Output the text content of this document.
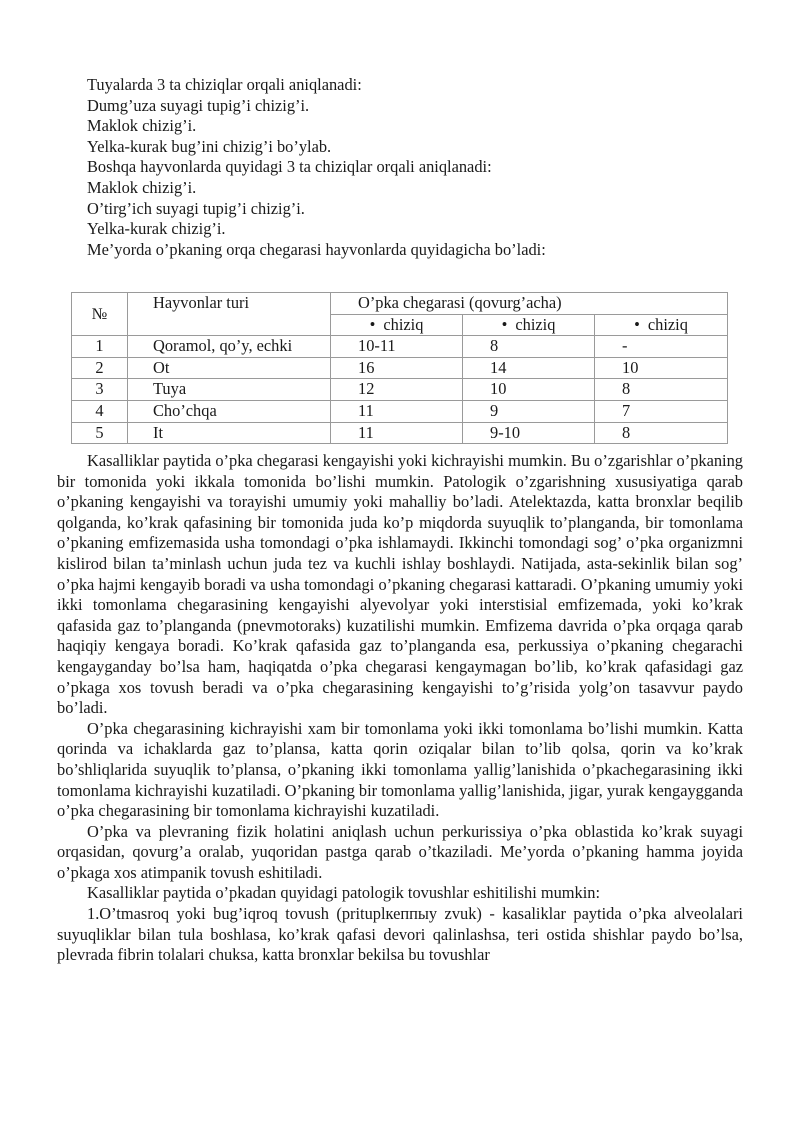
Tuyalarda 3 ta chiziqlar orqali aniqlanadi:

Dumg’uza suyagi tupig’i chizig’i.

Maklok chizig’i.

Yelka-kurak bug’ini chizig’i bo’ylab.

Boshqa hayvonlarda quyidagi 3 ta chiziqlar orqali aniqlanadi:

Maklok chizig’i.

O’tirg’ich suyagi tupig’i chizig’i.

Yelka-kurak chizig’i.

Me’yorda o’pkaning orqa chegarasi hayvonlarda quyidagicha bo’ladi:

№	Hayvonlar turi	O’pka chegarasi (qovurg’acha)		
		• chiziq	• chiziq	• chiziq
1	Qoramol, qo’y, echki	10-11	8	-
2	Ot	16	14	10
3	Tuya	12	10	8
4	Cho’chqa	11	9	7
5	It	11	9-10	8

Kasalliklar paytida o’pka chegarasi kengayishi yoki kichrayishi mumkin. Bu o’zgarishlar o’pkaning bir tomonida yoki ikkala tomonida bo’lishi mumkin. Patologik o’zgarishning xususiyatiga qarab o’pkaning kengayishi va torayishi umumiy yoki mahalliy bo’ladi. Atelektazda, katta bronxlar beqilib qolganda, ko’krak qafasining bir tomonida juda ko’p miqdorda suyuqlik to’planganda, bir tomonlama o’pkaning emfizemasida usha tomondagi o’pka ishlamaydi. Ikkinchi tomondagi sog’ o’pka organizmni kislirod bilan ta’minlash uchun juda tez va kuchli ishlay boshlaydi. Natijada, asta-sekinlik bilan sog’ o’pka hajmi kengayib boradi va usha tomondagi o’pkaning chegarasi kattaradi. O’pkaning umumiy yoki ikki tomonlama chegarasining kengayishi alyevolyar yoki interstisial emfizemada, yoki ko’krak qafasida gaz to’planganda (pnevmotoraks) kuzatilishi mumkin. Emfizema davrida o’pka orqaga qarab haqiqiy kengaya boradi. Ko’krak qafasida gaz to’planganda esa, perkussiya o’pkaning chegarachi kengayganday bo’lsa ham, haqiqatda o’pka chegarasi kengaymagan bo’lib, ko’krak qafasidagi gaz o’pkaga xos tovush beradi va o’pka chegarasining kengayishi to’g’risida yolg’on tasavvur paydo bo’ladi.

O’pka chegarasining kichrayishi xam bir tomonlama yoki ikki tomonlama bo’lishi mumkin. Katta qorinda va ichaklarda gaz to’plansa, katta qorin oziqalar bilan to’lib qolsa, qorin va ko’krak bo’shliqlarida suyuqlik to’plansa, o’pkaning ikki tomonlama yallig’lanishida o’pkachegarasining ikki tomonlama kichrayishi kuzatiladi. O’pkaning bir tomonlama yallig’lanishida, jigar, yurak kengaygganda o’pka chegarasining bir tomonlama kichrayishi kuzatiladi.

O’pka va plevraning fizik holatini aniqlash uchun perkurissiya o’pka oblastida ko’krak suyagi orqasidan, qovurg’a oralab, yuqoridan pastga qarab o’tkaziladi. Me’yorda o’pkaning hamma joyida o’pkaga xos atimpanik tovush eshitiladi.

Kasalliklar paytida o’pkadan quyidagi patologik tovushlar eshitilishi mumkin:

1.O’tmasroq yoki bug’iqroq tovush (prituplкеппыу zvuk) - kasaliklar paytida o’pka alveolalari suyuqliklar bilan tula boshlasa, ko’krak qafasi devori qalinlashsa, teri ostida shishlar paydo bo’lsa, plevrada fibrin tolalari chuksa, katta bronxlar bekilsa bu tovushlar
